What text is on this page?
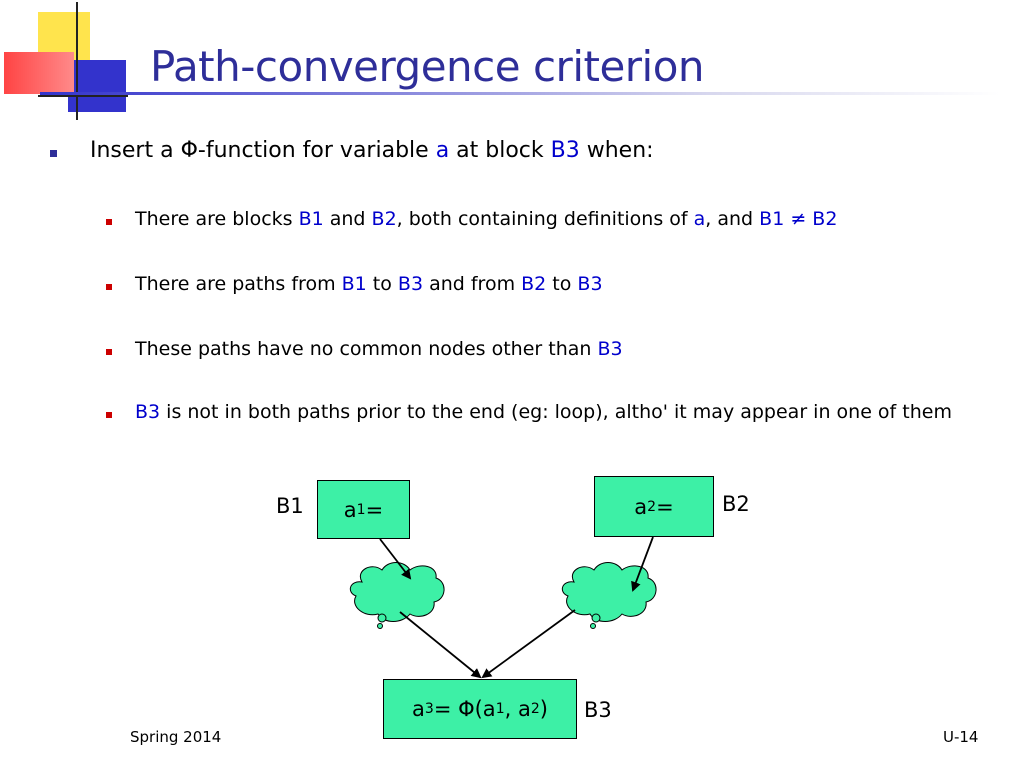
Path-convergence criterion
Insert a Φ-function for variable a at block B3 when:
There are blocks B1 and B2, both containing definitions of a, and B1 ≠ B2
There are paths from B1 to B3 and from B2 to B3
These paths have no common nodes other than B3
B3 is not in both paths prior to the end (eg: loop), altho' it may appear in one of them
a 1 =
B1	a 2 = B2
a 3 = Φ(a 1 , a 2 ) B3
Spring 2014	U-14
